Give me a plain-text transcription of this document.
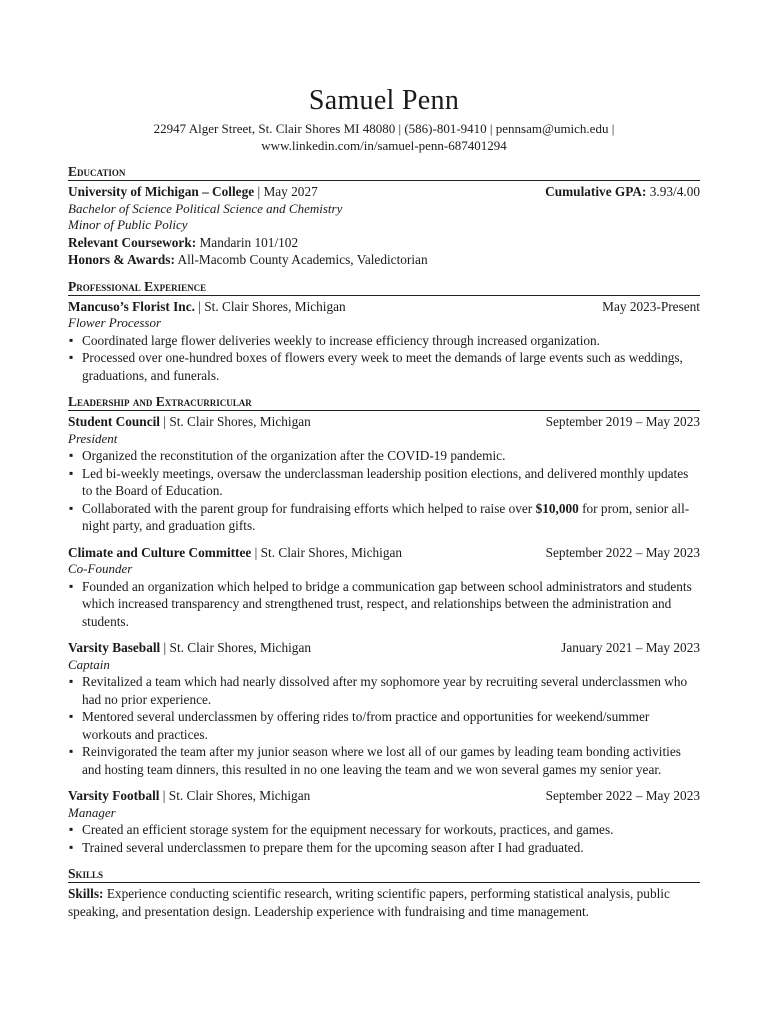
Samuel Penn
22947 Alger Street, St. Clair Shores MI 48080 | (586)-801-9410 | pennsam@umich.edu |
www.linkedin.com/in/samuel-penn-687401294
Education
University of Michigan – College | May 2027	Cumulative GPA: 3.93/4.00
Bachelor of Science Political Science and Chemistry
Minor of Public Policy
Relevant Coursework: Mandarin 101/102
Honors & Awards: All-Macomb County Academics, Valedictorian
Professional Experience
Mancuso’s Florist Inc. | St. Clair Shores, Michigan	May 2023-Present
Flower Processor
▪ Coordinated large flower deliveries weekly to increase efficiency through increased organization.
▪ Processed over one-hundred boxes of flowers every week to meet the demands of large events such as weddings, graduations, and funerals.
Leadership and Extracurricular
Student Council | St. Clair Shores, Michigan	September 2019 – May 2023
President
▪ Organized the reconstitution of the organization after the COVID-19 pandemic.
▪ Led bi-weekly meetings, oversaw the underclassman leadership position elections, and delivered monthly updates to the Board of Education.
▪ Collaborated with the parent group for fundraising efforts which helped to raise over $10,000 for prom, senior all-night party, and graduation gifts.
Climate and Culture Committee | St. Clair Shores, Michigan	September 2022 – May 2023
Co-Founder
▪ Founded an organization which helped to bridge a communication gap between school administrators and students which increased transparency and strengthened trust, respect, and relationships between the administration and students.
Varsity Baseball | St. Clair Shores, Michigan	January 2021 – May 2023
Captain
▪ Revitalized a team which had nearly dissolved after my sophomore year by recruiting several underclassmen who had no prior experience.
▪ Mentored several underclassmen by offering rides to/from practice and opportunities for weekend/summer workouts and practices.
▪ Reinvigorated the team after my junior season where we lost all of our games by leading team bonding activities and hosting team dinners, this resulted in no one leaving the team and we won several games my senior year.
Varsity Football | St. Clair Shores, Michigan	September 2022 – May 2023
Manager
▪ Created an efficient storage system for the equipment necessary for workouts, practices, and games.
▪ Trained several underclassmen to prepare them for the upcoming season after I had graduated.
Skills
Skills: Experience conducting scientific research, writing scientific papers, performing statistical analysis, public speaking, and presentation design. Leadership experience with fundraising and time management.
